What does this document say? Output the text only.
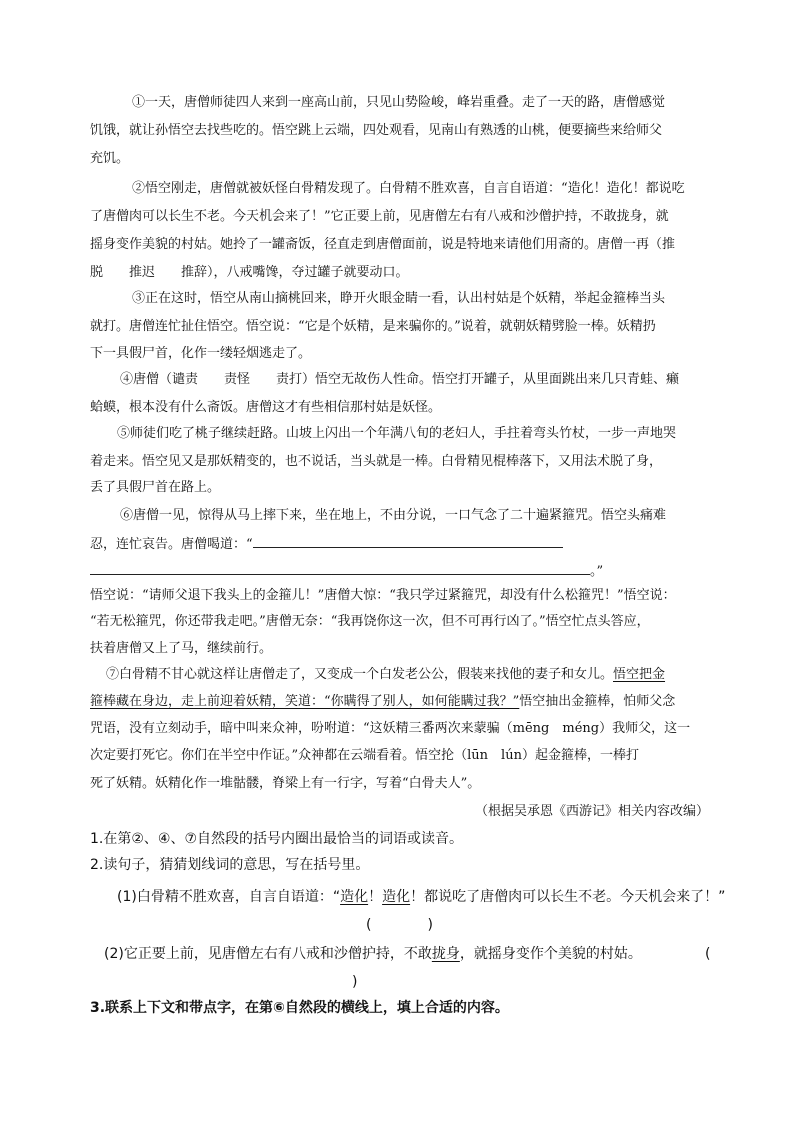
①一天，唐僧师徒四人来到一座高山前，只见山势险峻，峰岩重叠。走了一天的路，唐僧感觉
饥饿，就让孙悟空去找些吃的。悟空跳上云端，四处观看，见南山有熟透的山桃，便要摘些来给师父
充饥。
②悟空刚走，唐僧就被妖怪白骨精发现了。白骨精不胜欢喜，自言自语道：“造化！造化！都说吃
了唐僧肉可以长生不老。今天机会来了！”它正要上前，见唐僧左右有八戒和沙僧护持，不敢拢身，就
摇身变作美貌的村姑。她拎了一罐斋饭，径直走到唐僧面前，说是特地来请他们用斋的。唐僧一再（推
脱　　推迟　　推辞），八戒嘴馋，夺过罐子就要动口。
③正在这时，悟空从南山摘桃回来，睁开火眼金睛一看，认出村姑是个妖精，举起金箍棒当头
就打。唐僧连忙扯住悟空。悟空说：“它是个妖精，是来骗你的。”说着，就朝妖精劈脸一棒。妖精扔
下一具假尸首，化作一缕轻烟逃走了。
④唐僧（谴责　　责怪　　责打）悟空无故伤人性命。悟空打开罐子，从里面跳出来几只青蛙、癞
蛤蟆，根本没有什么斋饭。唐僧这才有些相信那村姑是妖怪。
⑤师徒们吃了桃子继续赶路。山坡上闪出一个年满八旬的老妇人，手拄着弯头竹杖，一步一声地哭
着走来。悟空见又是那妖精变的，也不说话，当头就是一棒。白骨精见棍棒落下，又用法术脱了身，
丢了具假尸首在路上。
⑥唐僧一见，惊得从马上摔下来，坐在地上，不由分说，一口气念了二十遍紧箍咒。悟空头痛难
忍，连忙哀告。唐僧喝道：“
。”
悟空说：“请师父退下我头上的金箍儿！”唐僧大惊：“我只学过紧箍咒，却没有什么松箍咒！”悟空说：
“若无松箍咒，你还带我走吧。”唐僧无奈：“我再饶你这一次，但不可再行凶了。”悟空忙点头答应，
扶着唐僧又上了马，继续前行。
⑦白骨精不甘心就这样让唐僧走了，又变成一个白发老公公，假装来找他的妻子和女儿。悟空把金
箍棒藏在身边，走上前迎着妖精，笑道：“你瞒得了别人，如何能瞒过我？”悟空抽出金箍棒，怕师父念
咒语，没有立刻动手，暗中叫来众神，吩咐道：“这妖精三番两次来蒙骗（mēng　méng）我师父，这一
次定要打死它。你们在半空中作证。”众神都在云端看着。悟空抡（lūn　lún）起金箍棒，一棒打
死了妖精。妖精化作一堆骷髅，脊梁上有一行字，写着“白骨夫人”。
（根据吴承恩《西游记》相关内容改编）
1.在第②、④、⑦自然段的括号内圈出最恰当的词语或读音。
2.读句子，猜猜划线词的意思，写在括号里。
(1)白骨精不胜欢喜，自言自语道：“造化！造化！都说吃了唐僧肉可以长生不老。今天机会来了！”
(　　　　)
(2)它正要上前，见唐僧左右有八戒和沙僧护持，不敢拢身，就摇身变作个美貌的村姑。	(
)
3.联系上下文和带点字，在第⑥自然段的横线上，填上合适的内容。
